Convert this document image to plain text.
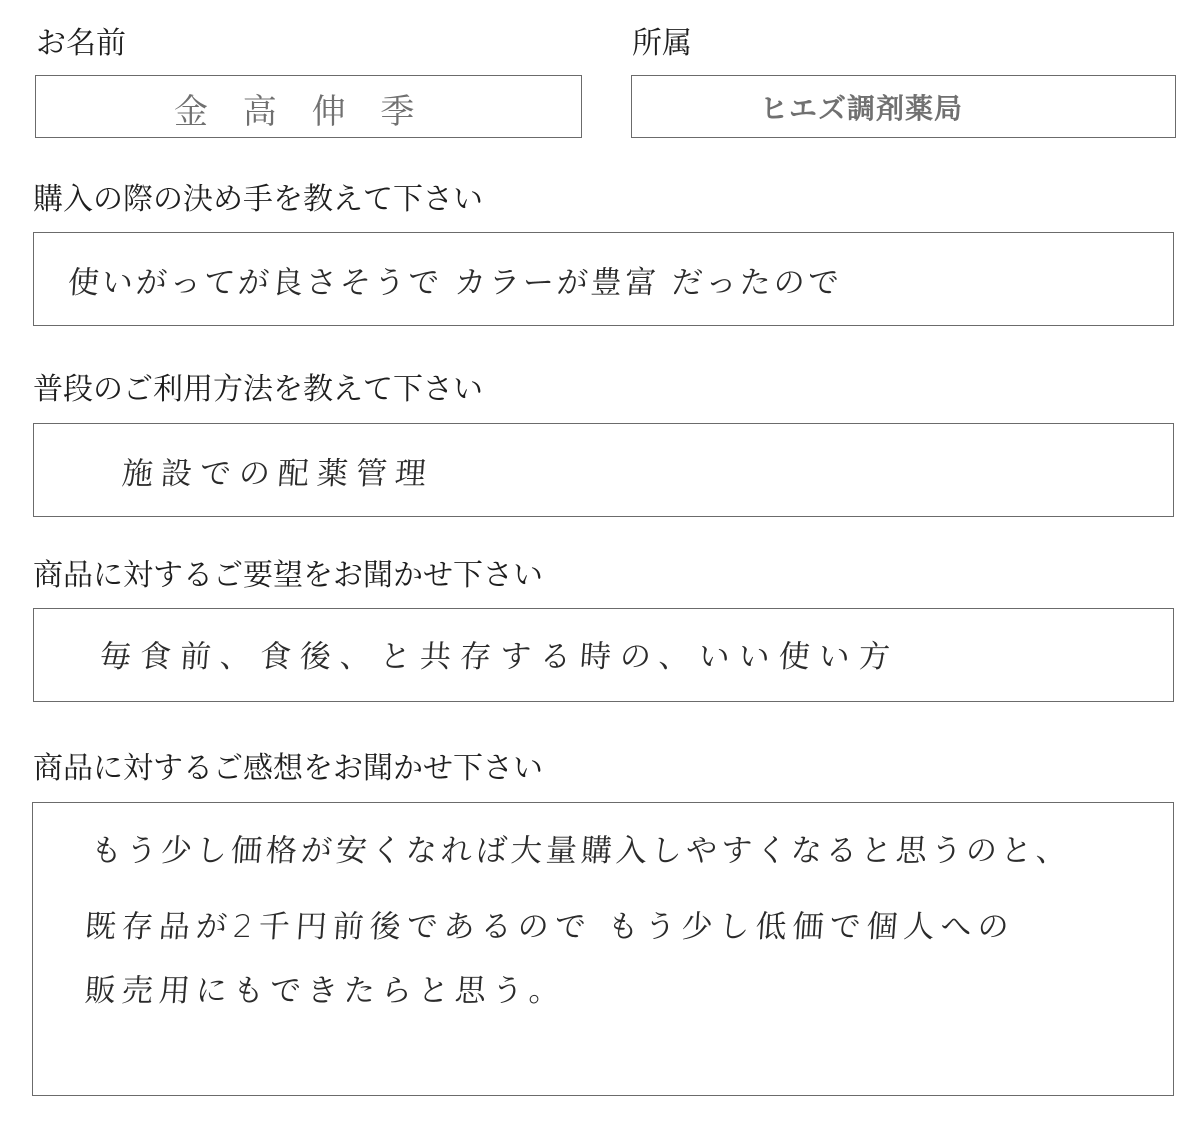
お名前
金 高 伸 季
所属
ヒエズ調剤薬局
購入の際の決め手を教えて下さい
使いがってが良さそうで カラーが豊富 だったので
普段のご利用方法を教えて下さい
施設での配薬管理
商品に対するご要望をお聞かせ下さい
毎食前、食後、と共存する時の、いい使い方
商品に対するご感想をお聞かせ下さい
もう少し価格が安くなれば大量購入しやすくなると思うのと、
既存品が2千円前後であるので もう少し低価で個人への
販売用にもできたらと思う。
